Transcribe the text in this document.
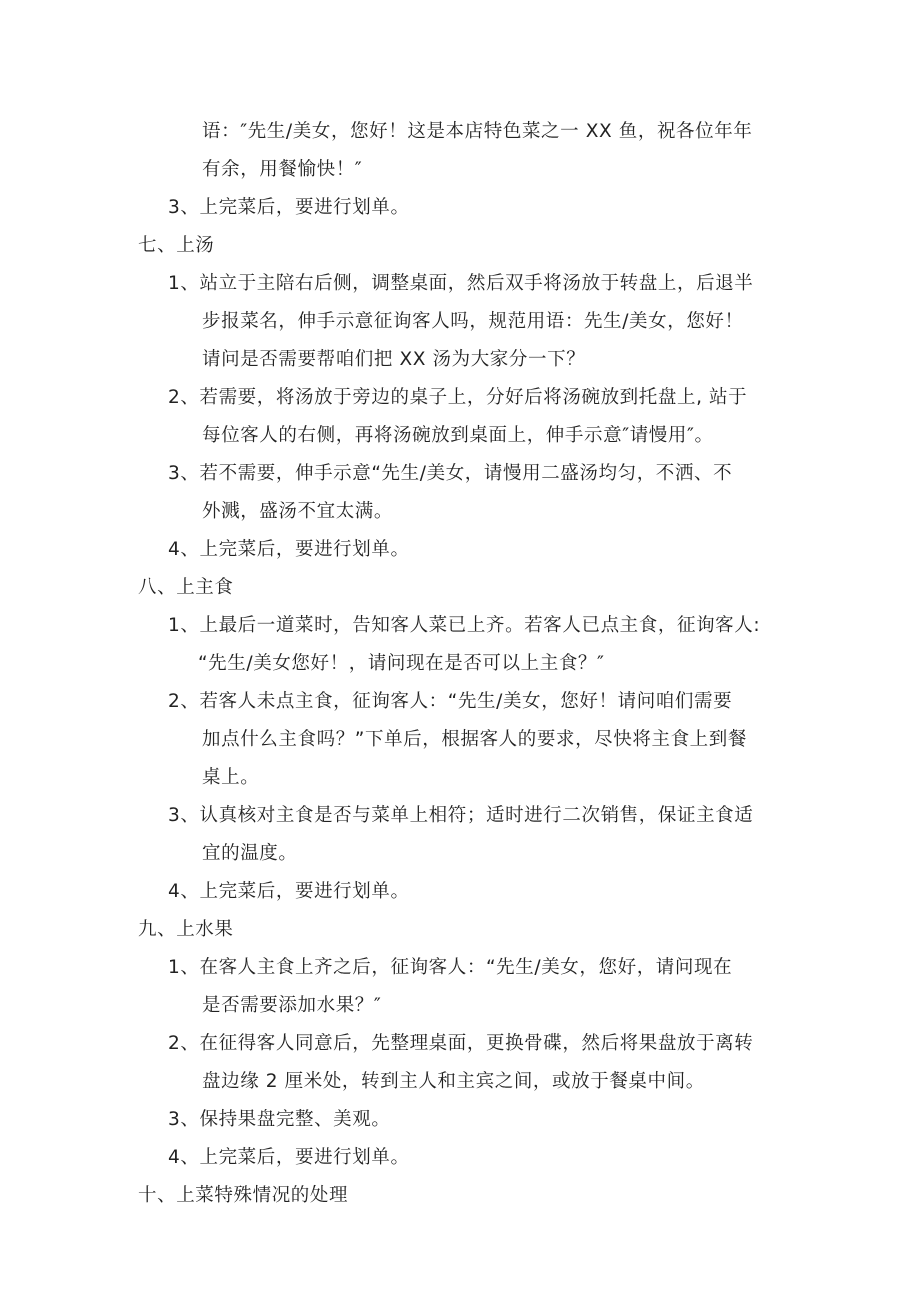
语：″先生/美女，您好！这是本店特色菜之一 XX 鱼，祝各位年年
有余，用餐愉快！″
3、上完菜后，要进行划单。
七、上汤
1、站立于主陪右后侧，调整桌面，然后双手将汤放于转盘上，后退半
步报菜名，伸手示意征询客人吗，规范用语：先生/美女，您好！
请问是否需要帮咱们把 XX 汤为大家分一下？
2、若需要，将汤放于旁边的桌子上，分好后将汤碗放到托盘上, 站于
每位客人的右侧，再将汤碗放到桌面上，伸手示意″请慢用″。
3、若不需要，伸手示意“先生/美女，请慢用二盛汤均匀，不洒、不
外溅，盛汤不宜太满。
4、上完菜后，要进行划单。
八、上主食
1、上最后一道菜时，告知客人菜已上齐。若客人已点主食，征询客人:
“先生/美女您好！，请问现在是否可以上主食？″
2、若客人未点主食，征询客人：“先生/美女，您好！请问咱们需要
加点什么主食吗？”下单后，根据客人的要求，尽快将主食上到餐
桌上。
3、认真核对主食是否与菜单上相符；适时进行二次销售，保证主食适
宜的温度。
4、上完菜后，要进行划单。
九、上水果
1、在客人主食上齐之后，征询客人：“先生/美女，您好，请问现在
是否需要添加水果？″
2、在征得客人同意后，先整理桌面，更换骨碟，然后将果盘放于离转
盘边缘 2 厘米处，转到主人和主宾之间，或放于餐桌中间。
3、保持果盘完整、美观。
4、上完菜后，要进行划单。
十、上菜特殊情况的处理
